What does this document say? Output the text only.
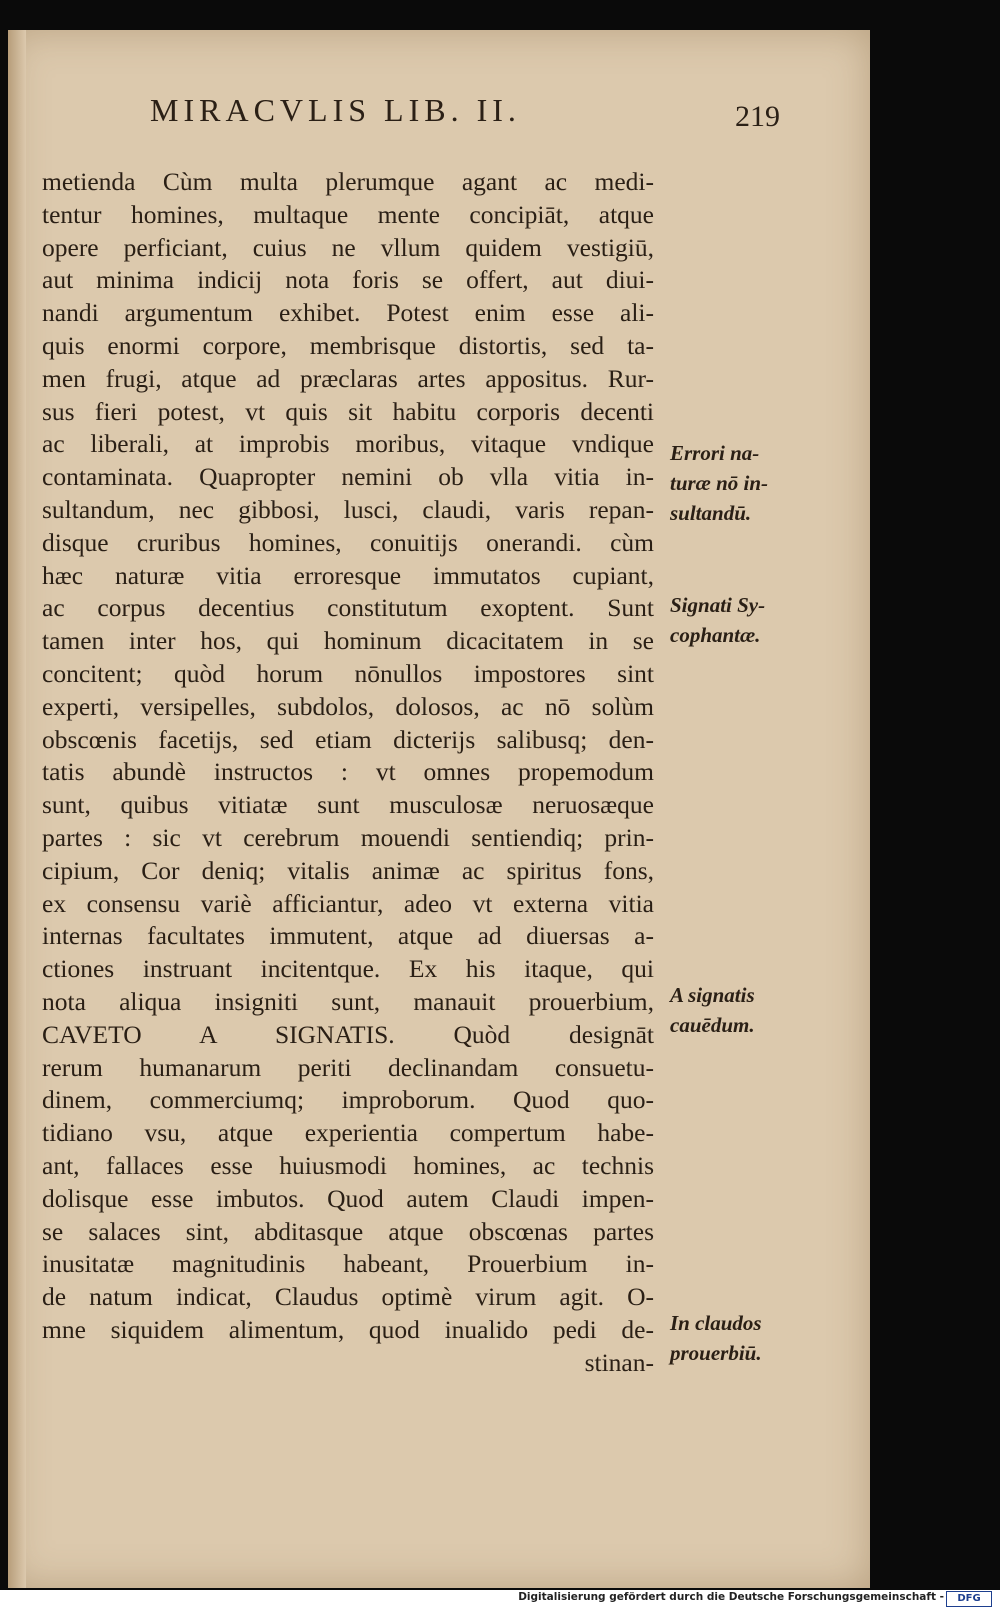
MIRACVLIS LIB. II.	219
metienda Cùm multa plerumque agant ac medi-
tentur homines, multaque mente concipiāt, atque
opere perficiant, cuius ne vllum quidem vestigiū,
aut minima indicij nota foris se offert, aut diui-
nandi argumentum exhibet. Potest enim esse ali-
quis enormi corpore, membrisque distortis, sed ta-
men frugi, atque ad præclaras artes appositus. Rur-
sus fieri potest, vt quis sit habitu corporis decenti
ac liberali, at improbis moribus, vitaque vndique
contaminata. Quapropter nemini ob vlla vitia in-
sultandum, nec gibbosi, lusci, claudi, varis repan-
disque cruribus homines, conuitijs onerandi. cùm
hæc naturæ vitia erroresque immutatos cupiant,
ac corpus decentius constitutum exoptent. Sunt
tamen inter hos, qui hominum dicacitatem in se
concitent; quòd horum nōnullos impostores sint
experti, versipelles, subdolos, dolosos, ac nō solùm
obscœnis facetijs, sed etiam dicterijs salibusq; den-
tatis abundè instructos : vt omnes propemodum
sunt, quibus vitiatæ sunt musculosæ neruosæque
partes : sic vt cerebrum mouendi sentiendiq; prin-
cipium, Cor deniq; vitalis animæ ac spiritus fons,
ex consensu variè afficiantur, adeo vt externa vitia
internas facultates immutent, atque ad diuersas a-
ctiones instruant incitentque. Ex his itaque, qui
nota aliqua insigniti sunt, manauit prouerbium,
CAVETO A SIGNATIS. Quòd designāt
rerum humanarum periti declinandam consuetu-
dinem, commerciumq; improborum. Quod quo-
tidiano vsu, atque experientia compertum habe-
ant, fallaces esse huiusmodi homines, ac technis
dolisque esse imbutos. Quod autem Claudi impen-
se salaces sint, abditasque atque obscœnas partes
inusitatæ magnitudinis habeant, Prouerbium in-
de natum indicat, Claudus optimè virum agit. O-
mne siquidem alimentum, quod inualido pedi de-
stinan-
Errori na-
turæ nō in-
sultandū.
Signati Sy-
cophantæ.
A signatis
cauēdum.
In claudos
prouerbiū.
Digitalisierung gefördert durch die Deutsche Forschungsgemeinschaft -	DFG
